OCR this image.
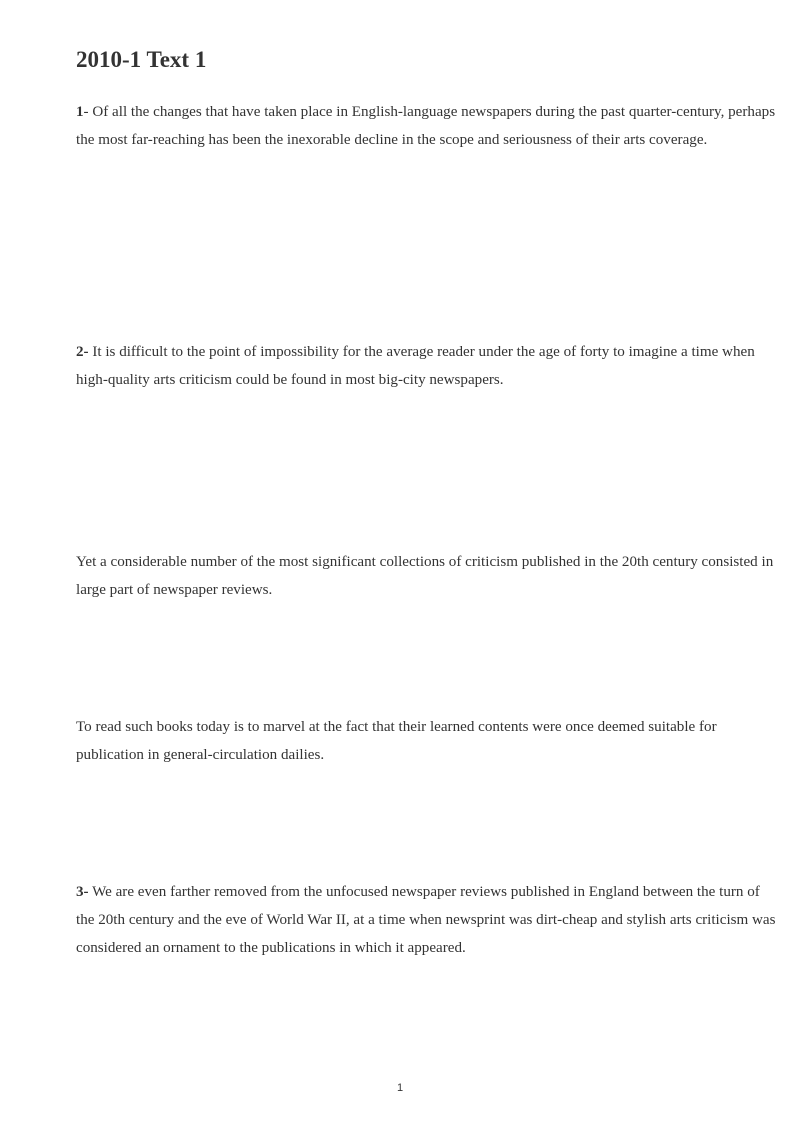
2010-1 Text 1

1- Of all the changes that have taken place in English-language newspapers during the past quarter-century, perhaps the most far-reaching has been the inexorable decline in the scope and seriousness of their arts coverage.

2- It is difficult to the point of impossibility for the average reader under the age of forty to imagine a time when high-quality arts criticism could be found in most big-city newspapers.

Yet a considerable number of the most significant collections of criticism published in the 20th century consisted in large part of newspaper reviews.

To read such books today is to marvel at the fact that their learned contents were once deemed suitable for publication in general-circulation dailies.

3- We are even farther removed from the unfocused newspaper reviews published in England between the turn of the 20th century and the eve of World War II, at a time when newsprint was dirt-cheap and stylish arts criticism was considered an ornament to the publications in which it appeared.

1
